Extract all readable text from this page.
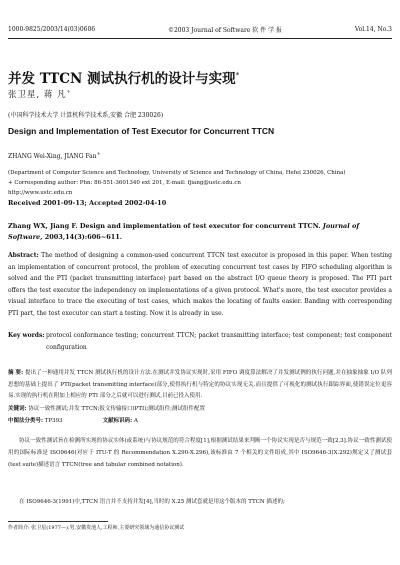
1000-9825/2003/14(03)0606	©2003 Journal of Software 软 件 学 报	Vol.14, No.3
并发 TTCN 测试执行机的设计与实现*
张卫星, 蒋 凡+
(中国科学技术大学 计算机科学技术系,安徽 合肥 230026)
Design and Implementation of Test Executor for Concurrent TTCN
ZHANG Wei-Xing, JIANG Fan+
(Department of Computer Science and Technology, University of Science and Technology of China, Hefei 230026, China)
+ Corresponding author: Phn: 86-551-3601340 ext 201, E-mail: fjiang@ustc.edu.cn
http://www.ustc.edu.cn
Received 2001-09-13; Accepted 2002-04-10
Zhang WX, Jiang F. Design and implementation of test executor for concurrent TTCN. Journal of Software, 2003,14(3):606~611.
Abstract: The method of designing a common-used concurrent TTCN test executor is proposed in this paper. When testing an implementation of concurrent protocol, the problem of executing concurrent test cases by FIFO scheduling algorithm is solved and the PTI (packet transmitting interface) part based on the abstract I/O queue theory is proposed. The PTI part offers the test executor the independency on implementations of a given protocol. What's more, the test executor provides a visual interface to trace the executing of test cases, which makes the locating of faults easier. Banding with corresponding PTI part, the test executor can start a testing. Now it is already in use.
Key words: protocol conformance testing; concurrent TTCN; packet transmitting interface; test component; test component configuration
摘 要: 提出了一种通用并发 TTCN 测试执行机的设计方法.在测试并发协议实现时,采用 FIFO 调度算法解决了并发测试例的执行问题,并在抽象抽象 I/O 队列思想的基础上提出了 PTI(packet transmitting interface)部分,使得执行机与特定的协议实现无关.而且提供了可视化的测试执行跟踪界面,使错误定位更容易.实现的执行机在附加上相应的 PTI 部分之后就可以进行测试,目前已投入使用.
关键词: 协议一致性测试;并发 TTCN;报文传输接口(PTI);测试组件;测试组件配置
中图法分类号: TP393	文献标识码: A
协议一致性测试旨在检测所实现的协议实体(或系统)与协议规范的符合程度[1],根据测试结果来判断一个协议实现是否与规范一致[2,3].协议一致性测试使用的国际标准是 ISO9646(对应于 ITU-T 的 Recommendation X.290-X.296),该标准由 7 个相关的文件组成,其中 ISO9646-3(X.292)规定又了测试套(test suite)描述语言 TTCN(tree and tabular combined notation).
在 ISO9646-3(1991)中,TTCN 语言并不支持并发[4],当时的 X.25 测试套就是用这个版本的 TTCN 描述的;
作者简介: 张卫星(1977—),男,安徽贵池人,工程师,主要研究领域为通信协议测试
